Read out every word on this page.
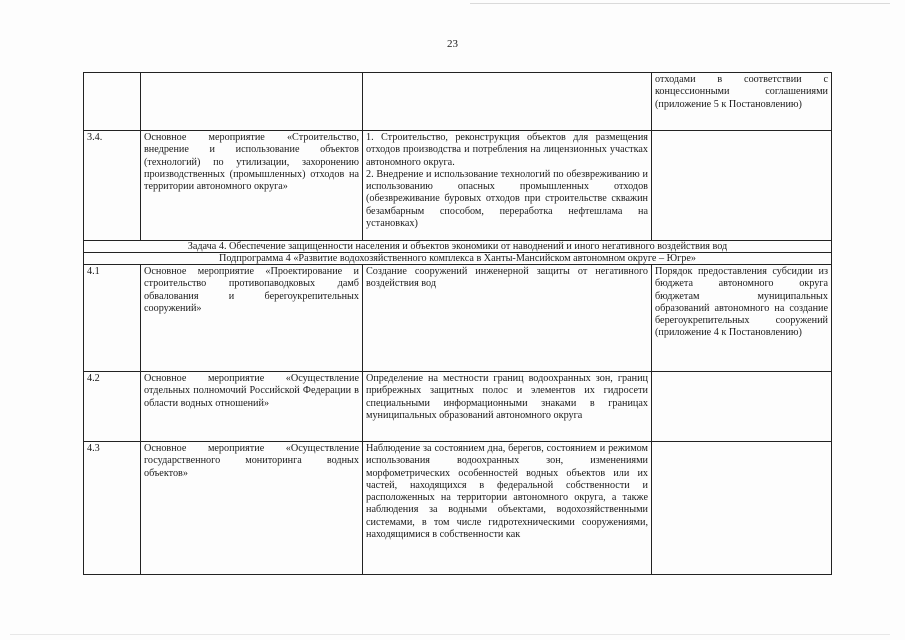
23
			отходами в соответствии с концессионными соглашениями (приложение 5 к Постановлению)
3.4.	Основное мероприятие «Строительство, внедрение и использование объектов (технологий) по утилизации, захоронению производственных (промышленных) отходов на территории автономного округа»	1. Строительство, реконструкция объектов для размещения отходов производства и потребления на лицензионных участках автономного округа.
2. Внедрение и использование технологий по обезвреживанию и использованию опасных промышленных отходов (обезвреживание буровых отходов при строительстве скважин безамбарным способом, переработка нефтешлама на установках)	
Задача 4. Обеспечение защищенности населения и объектов экономики от наводнений и иного негативного воздействия вод			
Подпрограмма 4 «Развитие водохозяйственного комплекса в Ханты-Мансийском автономном округе – Югре»			
4.1	Основное мероприятие «Проектирование и строительство противопаводковых дамб обвалования и берегоукрепительных сооружений»	Создание сооружений инженерной защиты от негативного воздействия вод	Порядок предоставления субсидии из бюджета автономного округа бюджетам муниципальных образований автономного на создание берегоукрепительных сооружений (приложение 4 к Постановлению)
4.2	Основное мероприятие «Осуществление отдельных полномочий Российской Федерации в области водных отношений»	Определение на местности границ водоохранных зон, границ прибрежных защитных полос и элементов их гидросети специальными информационными знаками в границах муниципальных образований автономного округа	
4.3	Основное мероприятие «Осуществление государственного мониторинга водных объектов»	Наблюдение за состоянием дна, берегов, состоянием и режимом использования водоохранных зон, изменениями морфометрических особенностей водных объектов или их частей, находящихся в федеральной собственности и расположенных на территории автономного округа, а также наблюдения за водными объектами, водохозяйственными системами, в том числе гидротехническими сооружениями, находящимися в собственности как	
